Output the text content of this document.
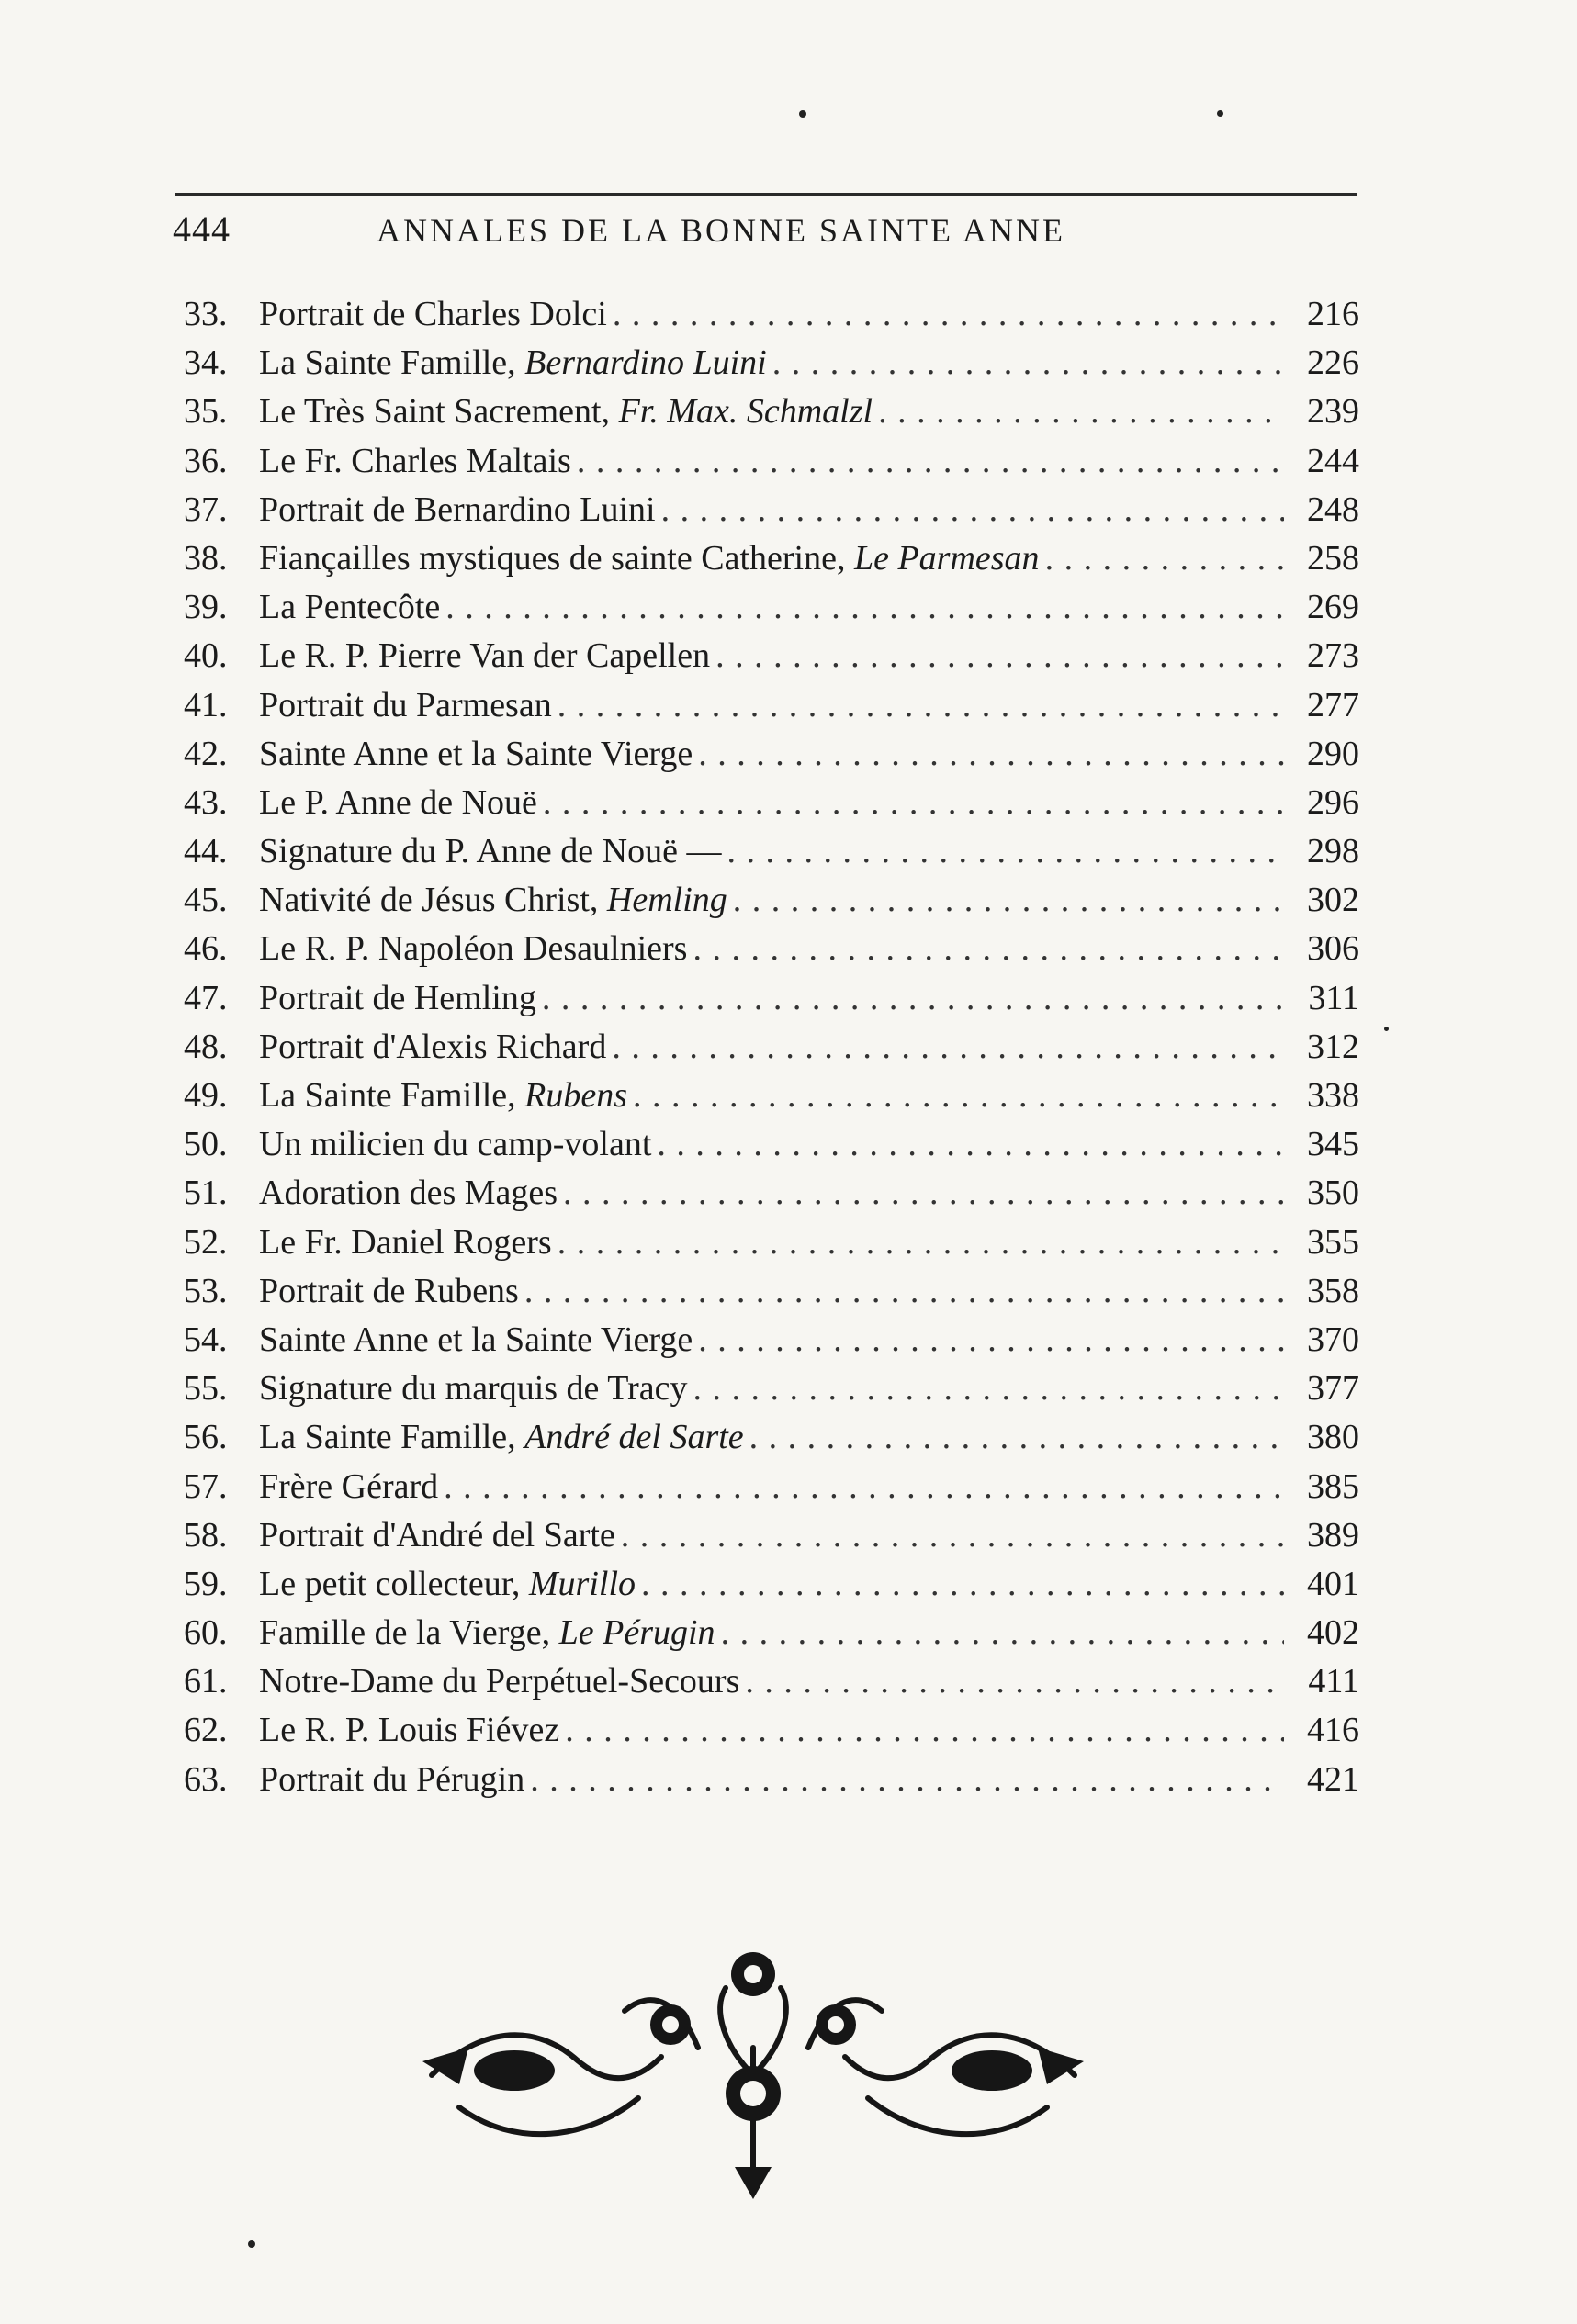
444	ANNALES DE LA BONNE SAINTE ANNE
33. Portrait de Charles Dolci . . .	216
34. La Sainte Famille, Bernardino Luini . . .	226
35. Le Très Saint Sacrement, Fr. Max. Schmalzl . . .	239
36. Le Fr. Charles Maltais . . .	244
37. Portrait de Bernardino Luini . . .	248
38. Fiançailles mystiques de sainte Catherine, Le Parmesan . . .	258
39. La Pentecôte . . .	269
40. Le R. P. Pierre Van der Capellen . . .	273
41. Portrait du Parmesan . . .	277
42. Sainte Anne et la Sainte Vierge . . .	290
43. Le P. Anne de Nouë . . .	296
44. Signature du P. Anne de Nouë — . . .	298
45. Nativité de Jésus Christ, Hemling . . .	302
46. Le R. P. Napoléon Desaulniers . . .	306
47. Portrait de Hemling . . .	311
48. Portrait d'Alexis Richard . . .	312
49. La Sainte Famille, Rubens . . .	338
50. Un milicien du camp-volant . . .	345
51. Adoration des Mages . . .	350
52. Le Fr. Daniel Rogers . . .	355
53. Portrait de Rubens . . .	358
54. Sainte Anne et la Sainte Vierge . . .	370
55. Signature du marquis de Tracy . . .	377
56. La Sainte Famille, André del Sarte . . .	380
57. Frère Gérard . . .	385
58. Portrait d'André del Sarte . . .	389
59. Le petit collecteur, Murillo . . .	401
60. Famille de la Vierge, Le Pérugin . . .	402
61. Notre-Dame du Perpétuel-Secours . . .	411
62. Le R. P. Louis Fiévez . . .	416
63. Portrait du Pérugin . . .	421
